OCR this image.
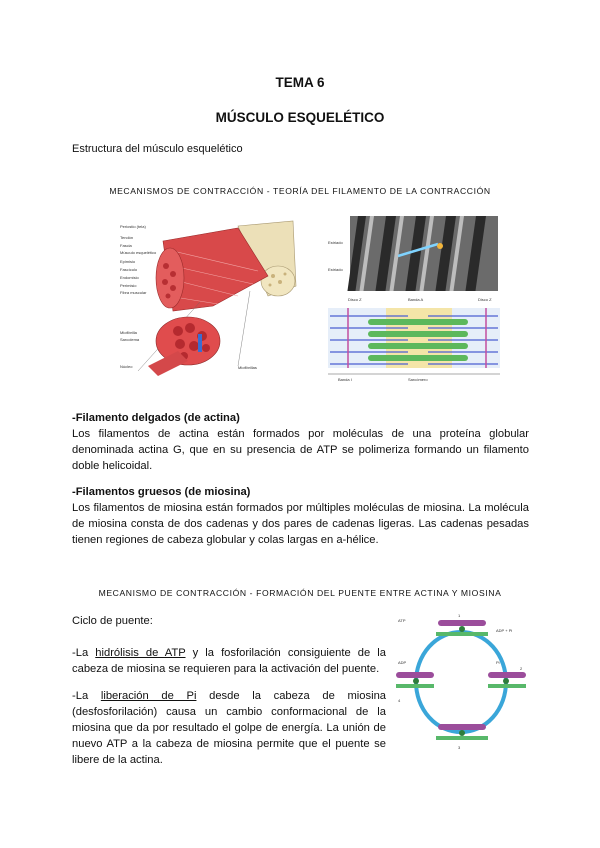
TEMA 6
MÚSCULO ESQUELÉTICO
Estructura del músculo esquelético
MECANISMOS DE CONTRACCIÓN - TEORÍA DEL FILAMENTO DE LA CONTRACCIÓN
Periostio (tela)
Tendón
Fascia
Músculo esquelético
Epimisio
Fascículo
Endomisio
Perimisio
Fibra muscular
Miofibrilla
Sarcolema
Núcleo	Miofibrillas
Estriado
Estriado
Disco Z	Banda A	Disco Z
Banda I	Sarcómero
-Filamento delgados (de actina)
Los filamentos de actina están formados por moléculas de una proteína globular denominada actina G, que en su presencia de ATP se polimeriza formando un filamento doble helicoidal.
-Filamentos gruesos (de miosina)
Los filamentos de miosina están formados por múltiples moléculas de miosina. La molécula de miosina consta de dos cadenas y dos pares de cadenas ligeras. Las cadenas pesadas tienen regiones de cabeza globular y colas largas en a-hélice.
MECANISMO DE CONTRACCIÓN - FORMACIÓN DEL PUENTE ENTRE ACTINA Y MIOSINA
Ciclo de puente:
-La hidrólisis de ATP y la fosforilación consiguiente de la cabeza de miosina se requieren para la activación del puente.
-La liberación de Pi desde la cabeza de miosina (desfosforilación) causa un cambio conformacional de la miosina que da por resultado el golpe de energía. La unión de nuevo ATP a la cabeza de miosina permite que el puente se libere de la actina.
ATP
ADP + Pi
Pi
ADP
1
2
3
4
